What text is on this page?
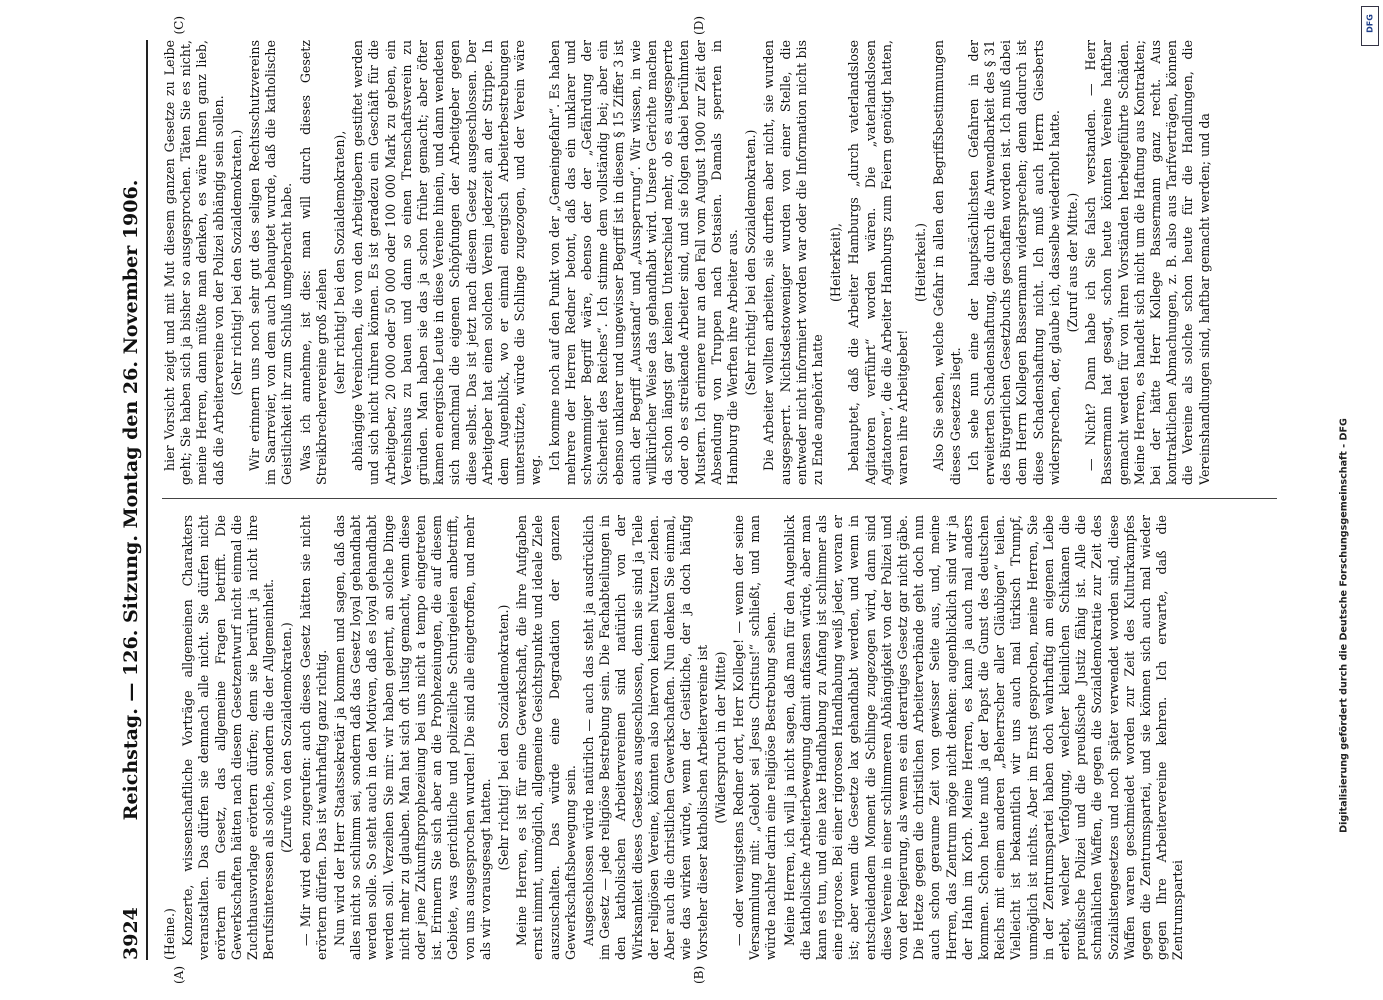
3924
Reichstag. — 126. Sitzung. Montag den 26. November 1906.
(Heine.) Konzerte, wissenschaftliche Vorträge allgemeinen Charakters veranstalten. Das dürfen sie demnach alle nicht. Sie dürfen nicht erörtern ein Gesetz, das allgemeine Fragen betrifft. Die Gewerkschaften hätten nach diesem Gesetzentwurf nicht einmal die Zuchthausvorlage erörtern dürfen; denn sie berührt ja nicht ihre Berufsinteressen als solche, sondern die der Allgemeinheit. (Zurufe von den Sozialdemokraten.) — Mir wird eben zugerufen: auch dieses Gesetz hätten sie nicht erörtern dürfen. Das ist wahrhaftig ganz richtig. Nun wird der Herr Staatssekretär ja kommen und sagen, daß das alles nicht so schlimm sei, sondern daß das Gesetz loyal gehandhabt werden solle. So steht auch in den Motiven, daß es loyal gehandhabt werden soll. Verzeihen Sie mir: wir haben gelernt, an solche Dinge nicht mehr zu glauben. Man hat sich oft lustig gemacht, wenn diese oder jene Zukunftsprophezeiung bei uns nicht a tempo eingetreten ist. Erinnern Sie sich aber an die Prophezeiungen, die auf diesem Gebiete, was gerichtliche und polizeiliche Schurigeleien anbetrifft, von uns ausgesprochen wurden! Die sind alle eingetroffen, und mehr als wir vorausgesagt hatten. (Sehr richtig! bei den Sozialdemokraten.) Meine Herren, es ist für eine Gewerkschaft, die ihre Aufgaben ernst nimmt, unmöglich, allgemeine Gesichtspunkte und ideale Ziele auszuschalten. Das würde eine Degradation der ganzen Gewerkschaftsbewegung sein. Ausgeschlossen würde natürlich — auch das steht ja ausdrücklich im Gesetz — jede religiöse Bestrebung sein. Die Fachabteilungen in den katholischen Arbeitervereinen sind natürlich von der Wirksamkeit dieses Gesetzes ausgeschlossen, denn sie sind ja Teile der religiösen Vereine, könnten also hiervon keinen Nutzen ziehen. Aber auch die christlichen Gewerkschaften. Nun denken Sie einmal, wie das wirken würde, wenn der Geistliche, der ja doch häufig Vorsteher dieser katholischen Arbeitervereine ist (Widerspruch in der Mitte) — oder wenigstens Redner dort, Herr Kollege! — wenn der seine Versammlung mit: „Gelobt sei Jesus Christus!“ schließt, und man würde nachher darin eine religiöse Bestrebung sehen. Meine Herren, ich will ja nicht sagen, daß man für den Augenblick die katholische Arbeiterbewegung damit anfassen würde, aber man kann es tun, und eine laxe Handhabung zu Anfang ist schlimmer als eine rigorose. Bei einer rigorosen Handhabung weiß jeder, woran er ist; aber wenn die Gesetze lax gehandhabt werden, und wenn in entscheidendem Moment die Schlinge zugezogen wird, dann sind diese Vereine in einer schlimmeren Abhängigkeit von der Polizei und von der Regierung, als wenn es ein derartiges Gesetz gar nicht gäbe. Die Hetze gegen die christlichen Arbeiterverbände geht doch nun auch schon geraume Zeit von gewisser Seite aus, und, meine Herren, das Zentrum möge nicht denken: augenblicklich sind wir ja der Hahn im Korb. Meine Herren, es kann ja auch mal anders kommen. Schon heute muß ja der Papst die Gunst des deutschen Reichs mit einem anderen „Beherrscher aller Gläubigen“ teilen. Vielleicht ist bekanntlich wir uns auch mal türkisch Trumpf, unmöglich ist nichts. Aber im Ernst gesprochen, meine Herren, Sie in der Zentrumspartei haben doch wahrhaftig am eigenen Leibe erlebt, welcher Verfolgung, welcher kleinlichen Schikanen die preußische Polizei und die preußische Justiz fähig ist. Alle die schmählichen Waffen, die gegen die Sozialdemokratie zur Zeit des Sozialistengesetzes und noch später verwendet worden sind, diese Waffen waren geschmiedet worden zur Zeit des Kulturkampfes gegen die Zentrumspartei, und sie können sich auch mal wieder gegen Ihre Arbeitervereine kehren. Ich erwarte, daß die Zentrumspartei

hier Vorsicht zeigt und mit Mut diesem ganzen Gesetze zu Leibe geht; Sie haben sich ja bisher so ausgesprochen. Täten Sie es nicht, meine Herren, dann müßte man denken, es wäre Ihnen ganz lieb, daß die Arbeitervereine von der Polizei abhängig sein sollen. (Sehr richtig! bei den Sozialdemokraten.) Wir erinnern uns noch sehr gut des seligen Rechtsschutzvereins im Saarrevier, von dem auch behauptet wurde, daß die katholische Geistlichkeit ihr zum Schluß umgebracht habe. Was ich annehme, ist dies: man will durch dieses Gesetz Streikbrechervereine groß ziehen (sehr richtig! bei den Sozialdemokraten), abhängige Vereinchen, die von den Arbeitgebern gestiftet werden und sich nicht rühren können. Es ist geradezu ein Geschäft für die Arbeitgeber, 20 000 oder 50 000 oder 100 000 Mark zu geben, ein Vereinshaus zu bauen und dann so einen Trenschaftsverein zu gründen. Man haben sie das ja schon früher gemacht; aber öfter kamen energische Leute in diese Vereine hinein, und dann wendeten sich manchmal die eigenen Schöpfungen der Arbeitgeber gegen diese selbst. Das ist jetzt nach diesem Gesetz ausgeschlossen. Der Arbeitgeber hat einen solchen Verein jederzeit an der Strippe. In dem Augenblick, wo er einmal energisch Arbeiterbestrebungen unterstützte, würde die Schlinge zugezogen, und der Verein wäre weg. Ich komme noch auf den Punkt von der „Gemeingefahr“. Es haben mehrere der Herren Redner betont, daß das ein unklarer und schwammiger Begriff wäre, ebenso der der „Gefährdung der Sicherheit des Reiches“. Ich stimme dem vollständig bei; aber ein ebenso unklarer und ungewisser Begriff ist in diesem § 15 Ziffer 3 ist auch der Begriff „Ausstand“ und „Aussperrung“. Wir wissen, in wie willkürlicher Weise das gehandhabt wird. Unsere Gerichte machen da schon längst gar keinen Unterschied mehr, ob es ausgesperrte oder ob es streikende Arbeiter sind, und sie folgen dabei berühmten Mustern. Ich erinnere nur an den Fall vom August 1900 zur Zeit der Absendung von Truppen nach Ostasien. Damals sperrten in Hamburg die Werften ihre Arbeiter aus. (Sehr richtig! bei den Sozialdemokraten.) Die Arbeiter wollten arbeiten, sie durften aber nicht, sie wurden ausgesperrt. Nichtsdestoweniger wurden von einer Stelle, die entweder nicht informiert worden war oder die Information nicht bis zu Ende angehört hatte

(Heiterkeit), behauptet, daß die Arbeiter Hamburgs „durch vaterlandslose Agitatoren verführt“ worden wären. Die „vaterlandslosen Agitatoren“, die die Arbeiter Hamburgs zum Feiern genötigt hatten, waren ihre Arbeitgeber!

(Heiterkeit.) Also Sie sehen, welche Gefahr in allen den Begriffsbestimmungen dieses Gesetzes liegt. Ich sehe nun eine der hauptsächlichsten Gefahren in der erweiterten Schadenshaftung, die durch die Anwendbarkeit des § 31 des Bürgerlichen Gesetzbuchs geschaffen worden ist. Ich muß dabei dem Herrn Kollegen Bassermann widersprechen; denn dadurch ist diese Schadenshaftung nicht. Ich muß auch Herrn Giesberts widersprechen, der, glaube ich, dasselbe wiederholt hatte. (Zuruf aus der Mitte.) — Nicht? Dann habe ich Sie falsch verstanden. — Herr Bassermann hat gesagt, schon heute könnten Vereine haftbar gemacht werden für von ihren Vorständen herbeigeführte Schäden. Meine Herren, es handelt sich nicht um die Haftung aus Kontrakten; bei der hätte Herr Kollege Bassermann ganz recht. Aus kontraktlichen Abmachungen, z. B. also aus Tarifverträgen, können die Vereine als solche schon heute für die Handlungen, die Vereinshandlungen sind, haftbar gemacht werden; und da

(A)	(B)
(C)	(D)	DFG
Digitalisierung gefördert durch die Deutsche Forschungsgemeinschaft - DFG
